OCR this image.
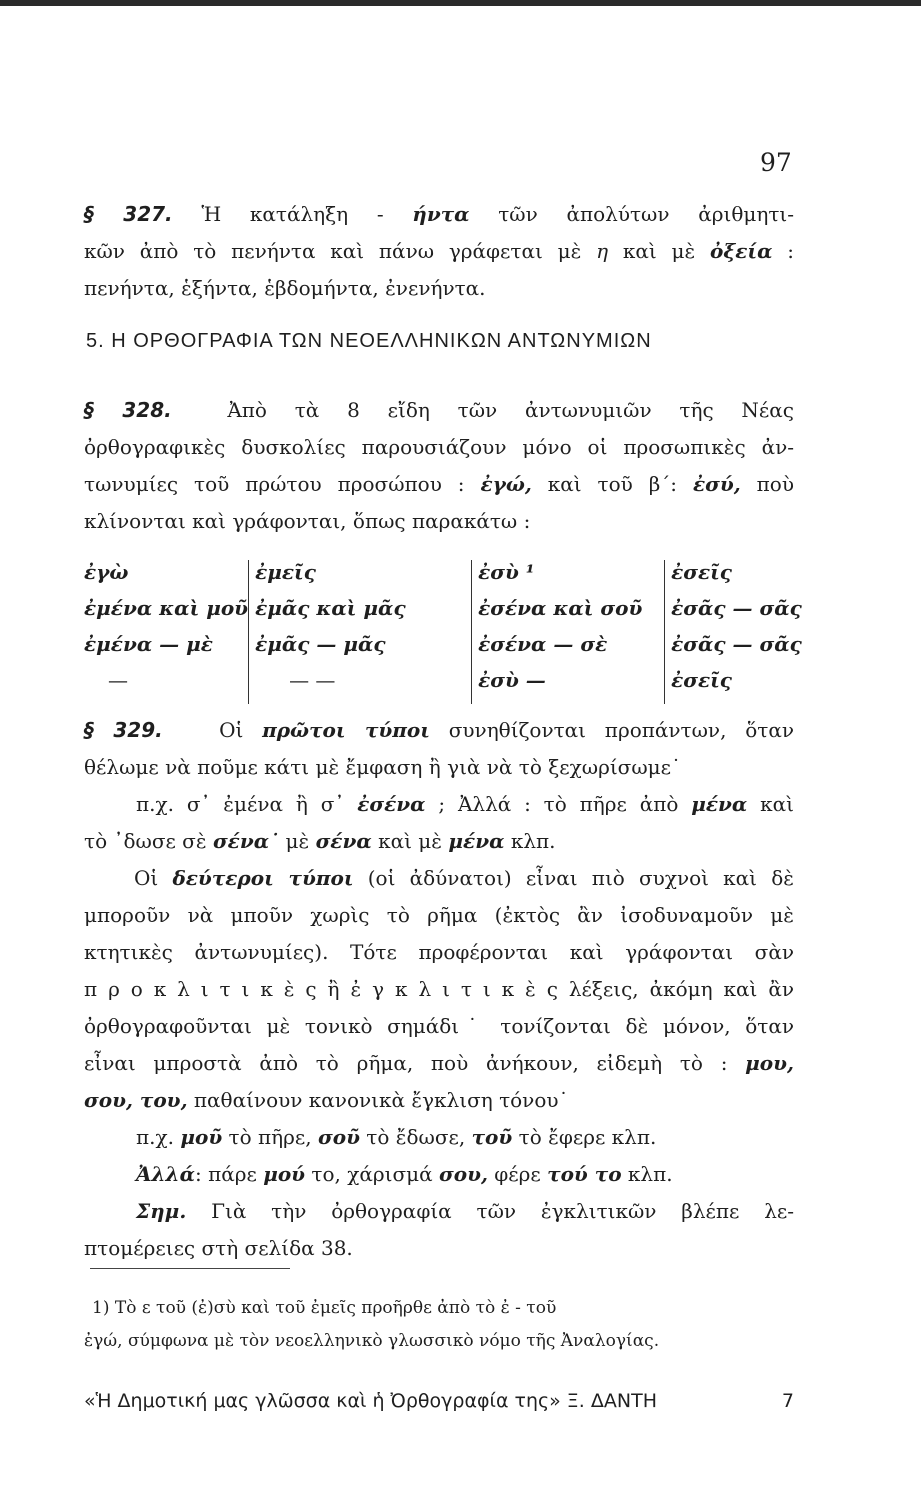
97
§ 327. Ἡ κατάληξη - ήντα τῶν ἀπολύτων ἀριθμητι-
κῶν ἀπὸ τὸ πενήντα καὶ πάνω γράφεται μὲ η καὶ μὲ ὀξεία :
πενήντα, ἑξήντα, ἑβδομήντα, ἐνενήντα.
5. Η ΟΡΘΟΓΡΑΦΙΑ ΤΩΝ ΝΕΟΕΛΛΗΝΙΚΩΝ ΑΝΤΩΝΥΜΙΩΝ
§ 328.	Ἀπὸ τὰ 8 εἴδη τῶν ἀντωνυμιῶν τῆς Νέας
ὀρθογραφικὲς δυσκολίες παρουσιάζουν μόνο οἱ προσωπικὲς ἀν-
τωνυμίες τοῦ πρώτου προσώπου : ἐγώ, καὶ τοῦ β΄: ἐσύ, ποὺ
κλίνονται καὶ γράφονται, ὅπως παρακάτω :
ἐγὼ	ἐμεῖς	ἐσὺ ¹	ἐσεῖς
ἐμένα καὶ μοῦ	ἐμᾶς καὶ μᾶς	ἐσένα καὶ σοῦ	ἐσᾶς — σᾶς
ἐμένα — μὲ	ἐμᾶς — μᾶς	ἐσένα — σὲ	ἐσᾶς — σᾶς
—	— —	ἐσὺ —	ἐσεῖς
§ 329.	Οἱ πρῶτοι τύποι συνηθίζονται προπάντων, ὅταν
θέλωμε νὰ ποῦμε κάτι μὲ ἔμφαση ἢ γιὰ νὰ τὸ ξεχωρίσωμε˙
π.χ. σ᾽ ἐμένα ἢ σ᾽ ἐσένα ; Ἀλλά : τὸ πῆρε ἀπὸ μένα καὶ
τὸ ᾽δωσε σὲ σένα˙ μὲ σένα καὶ μὲ μένα κλπ.
Οἱ δεύτεροι τύποι (οἱ ἀδύνατοι) εἶναι πιὸ συχνοὶ καὶ δὲ
μποροῦν νὰ μποῦν χωρὶς τὸ ρῆμα (ἐκτὸς ἂν ἰσοδυναμοῦν μὲ
κτητικὲς ἀντωνυμίες). Τότε προφέρονται καὶ γράφονται σὰν
π ρ ο κ λ ι τ ι κ ὲ ς ἢ ἐ γ κ λ ι τ ι κ ὲ ς λέξεις, ἀκόμη καὶ ἂν
ὀρθογραφοῦνται μὲ τονικὸ σημάδι˙ τονίζονται δὲ μόνον, ὅταν
εἶναι μπροστὰ ἀπὸ τὸ ρῆμα, ποὺ ἀνήκουν, εἰδεμὴ τὸ : μου,
σου, του, παθαίνουν κανονικὰ ἔγκλιση τόνου˙
π.χ. μοῦ τὸ πῆρε, σοῦ τὸ ἔδωσε, τοῦ τὸ ἔφερε κλπ.
Ἀλλά: πάρε μού το, χάρισμά σου, φέρε τού το κλπ.
Σημ. Γιὰ τὴν ὀρθογραφία τῶν ἐγκλιτικῶν βλέπε λε-
πτομέρειες στὴ σελίδα 38.
1) Τὸ ε τοῦ (ἐ)σὺ καὶ τοῦ ἐμεῖς προῆρθε ἀπὸ τὸ ἐ - τοῦ
ἐγώ, σύμφωνα μὲ τὸν νεοελληνικὸ γλωσσικὸ νόμο τῆς Ἀναλογίας.
«Ἡ Δημοτική μας γλῶσσα καὶ ἡ Ὀρθογραφία της» Ξ. ΔΑΝΤΗ	7
